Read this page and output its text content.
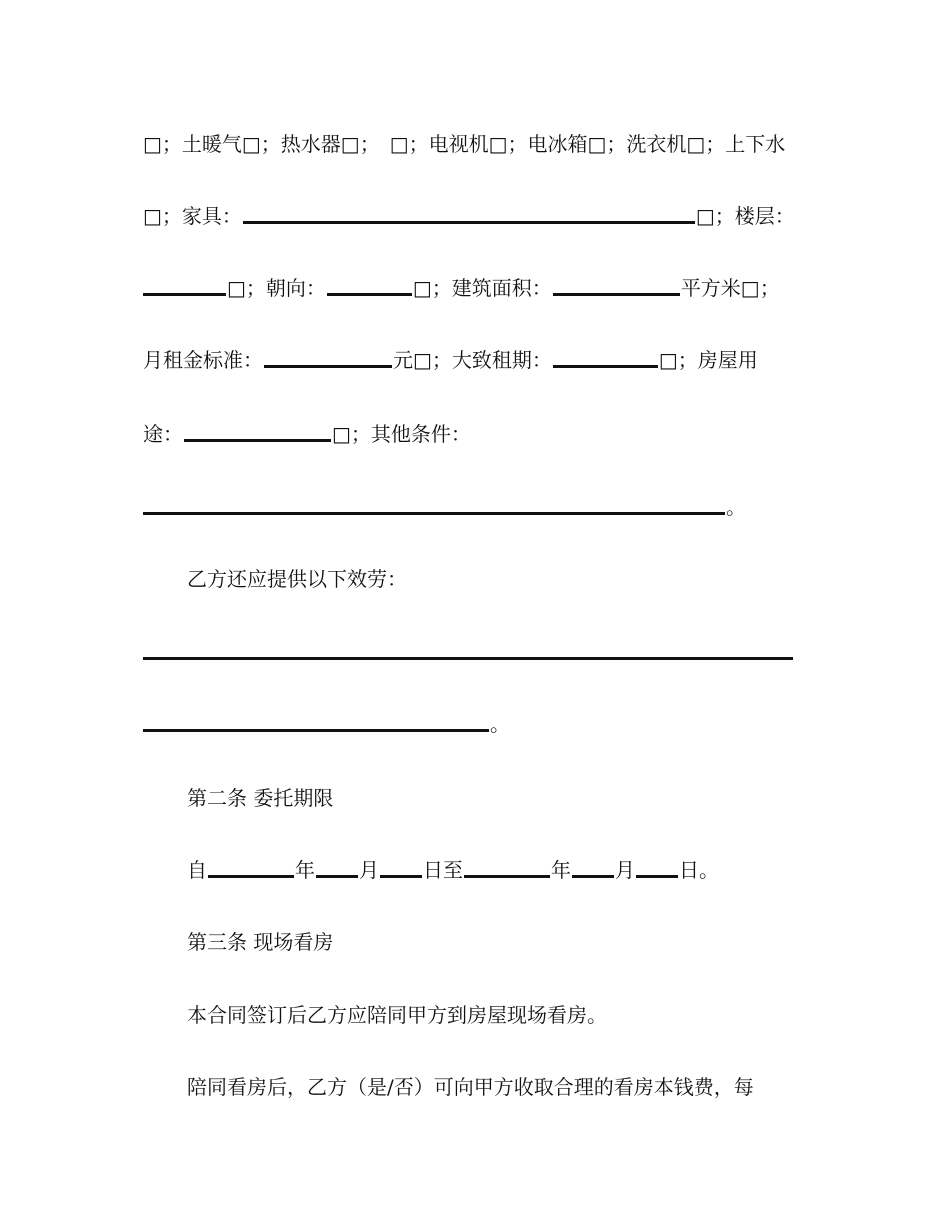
□；土暖气□；热水器□；　□；电视机□；电冰箱□；洗衣机□；上下水
□；家具：	□；楼层：
□；朝向：	□；建筑面积：	平方米□；
月租金标准：	元□；大致租期：	□；房屋用
途：	□；其他条件：
。
乙方还应提供以下效劳：
。
第二条 委托期限
自	年 月 日至	年 月 日。
第三条 现场看房
本合同签订后乙方应陪同甲方到房屋现场看房。
陪同看房后，乙方（是/否）可向甲方收取合理的看房本钱费，每
